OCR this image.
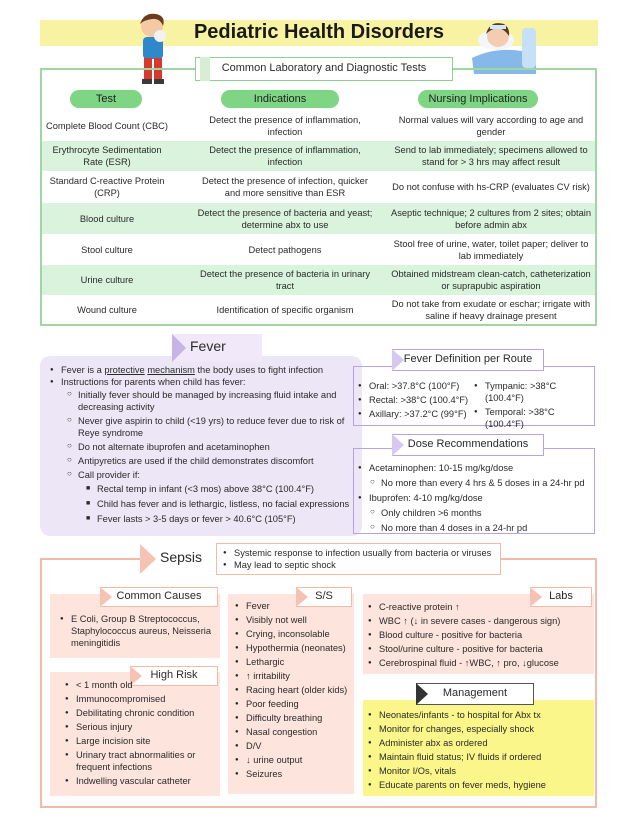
Pediatric Health Disorders
Common Laboratory and Diagnostic Tests
Test	Indications	Nursing Implications
Complete Blood Count (CBC)
Detect the presence of inflammation, infection
Normal values will vary according to age and gender
Erythrocyte Sedimentation Rate (ESR)
Detect the presence of inflammation, infection
Send to lab immediately; specimens allowed to stand for > 3 hrs may affect result
Standard C-reactive Protein (CRP)
Detect the presence of infection, quicker and more sensitive than ESR
Do not confuse with hs-CRP (evaluates CV risk)
Blood culture
Detect the presence of bacteria and yeast; determine abx to use
Aseptic technique; 2 cultures from 2 sites; obtain before admin abx
Stool culture	Detect pathogens
Stool free of urine, water, toilet paper; deliver to lab immediately
Urine culture
Detect the presence of bacteria in urinary tract
Obtained midstream clean-catch, catheterization or suprapubic aspiration
Wound culture	Identification of specific organism
Do not take from exudate or eschar; irrigate with saline if heavy drainage present
Fever
● Fever is a protective mechanism the body uses to fight infection
● Instructions for parents when child has fever:
○ Initially fever should be managed by increasing fluid intake and decreasing activity
○ Never give aspirin to child (<19 yrs) to reduce fever due to risk of Reye syndrome
○ Do not alternate ibuprofen and acetaminophen
○ Antipyretics are used if the child demonstrates discomfort
○ Call provider if:
■ Rectal temp in infant (<3 mos) above 38°C (100.4°F)
■ Child has fever and is lethargic, listless, no facial expressions
■ Fever lasts > 3-5 days or fever > 40.6°C (105°F)
Fever Definition per Route
● Oral: >37.8°C (100°F)
● Rectal: >38°C (100.4°F)
● Axillary: >37.2°C (99°F)
● Tympanic: >38°C (100.4°F)
● Temporal: >38°C (100.4°F)
Dose Recommendations
● Acetaminophen: 10-15 mg/kg/dose
○ No more than every 4 hrs & 5 doses in a 24-hr pd
● Ibuprofen: 4-10 mg/kg/dose
○ Only children >6 months
○ No more than 4 doses in a 24-hr pd
Sepsis
●	Systemic response to infection usually from bacteria or viruses
● May lead to septic shock
Common Causes
● E Coli, Group B Streptococcus, Staphylococcus aureus, Neisseria meningitidis
High Risk
● < 1 month old
● Immunocompromised
● Debilitating chronic condition
● Serious injury
● Large incision site
● Urinary tract abnormalities or frequent infections
● Indwelling vascular catheter
S/S
● Fever
● Visibly not well
● Crying, inconsolable
● Hypothermia (neonates)
● Lethargic
● ↑ irritability
● Racing heart (older kids)
● Poor feeding
● Difficulty breathing
● Nasal congestion
● D/V
● ↓ urine output
● Seizures
Labs
● C-reactive protein ↑
● WBC ↑ (↓ in severe cases - dangerous sign)
● Blood culture - positive for bacteria
● Stool/urine culture - positive for bacteria
● Cerebrospinal fluid - ↑WBC, ↑ pro, ↓glucose
Management
● Neonates/infants - to hospital for Abx tx
● Monitor for changes, especially shock
● Administer abx as ordered
● Maintain fluid status; IV fluids if ordered
● Monitor I/Os, vitals
● Educate parents on fever meds, hygiene
